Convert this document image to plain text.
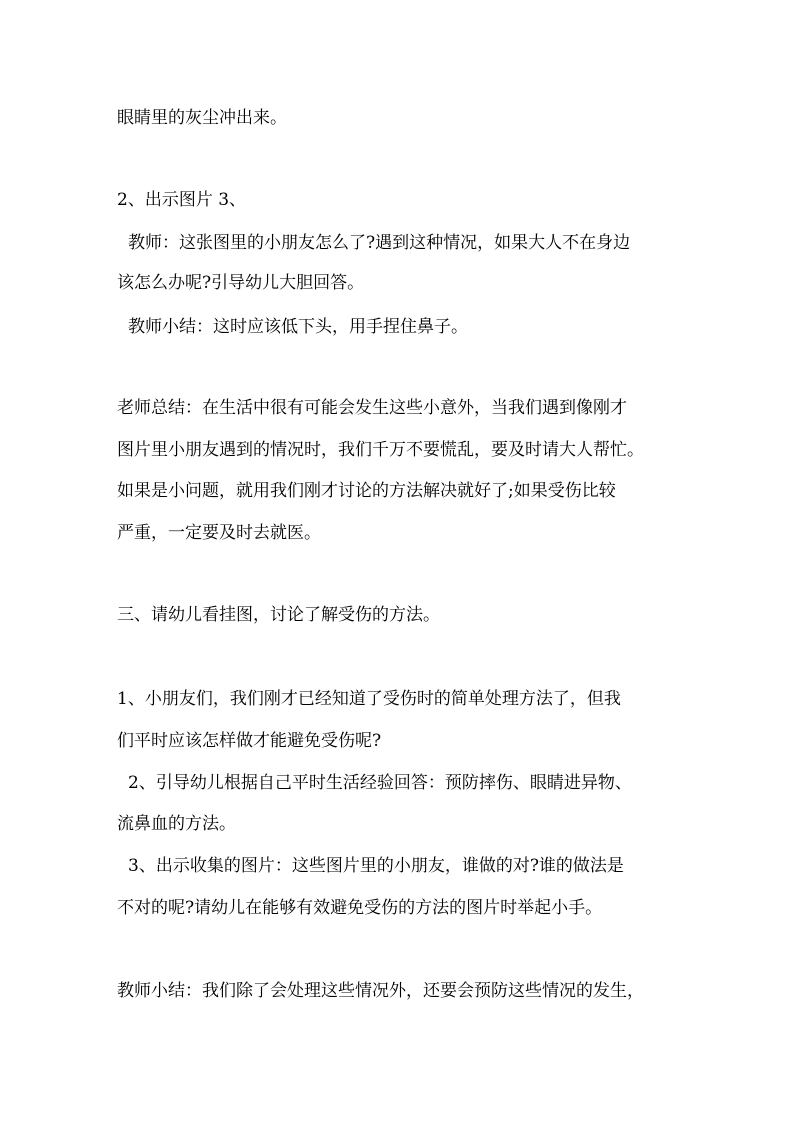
眼睛里的灰尘冲出来。

2、出示图片 3、

教师：这张图里的小朋友怎么了?遇到这种情况，如果大人不在身边

该怎么办呢?引导幼儿大胆回答。

教师小结：这时应该低下头，用手捏住鼻子。

老师总结：在生活中很有可能会发生这些小意外，当我们遇到像刚才

图片里小朋友遇到的情况时，我们千万不要慌乱，要及时请大人帮忙。

如果是小问题，就用我们刚才讨论的方法解决就好了;如果受伤比较

严重，一定要及时去就医。

三、请幼儿看挂图，讨论了解受伤的方法。

1、小朋友们，我们刚才已经知道了受伤时的简单处理方法了，但我

们平时应该怎样做才能避免受伤呢?

2、引导幼儿根据自己平时生活经验回答：预防摔伤、眼睛进异物、

流鼻血的方法。

3、出示收集的图片：这些图片里的小朋友，谁做的对?谁的做法是

不对的呢?请幼儿在能够有效避免受伤的方法的图片时举起小手。

教师小结：我们除了会处理这些情况外，还要会预防这些情况的发生，
